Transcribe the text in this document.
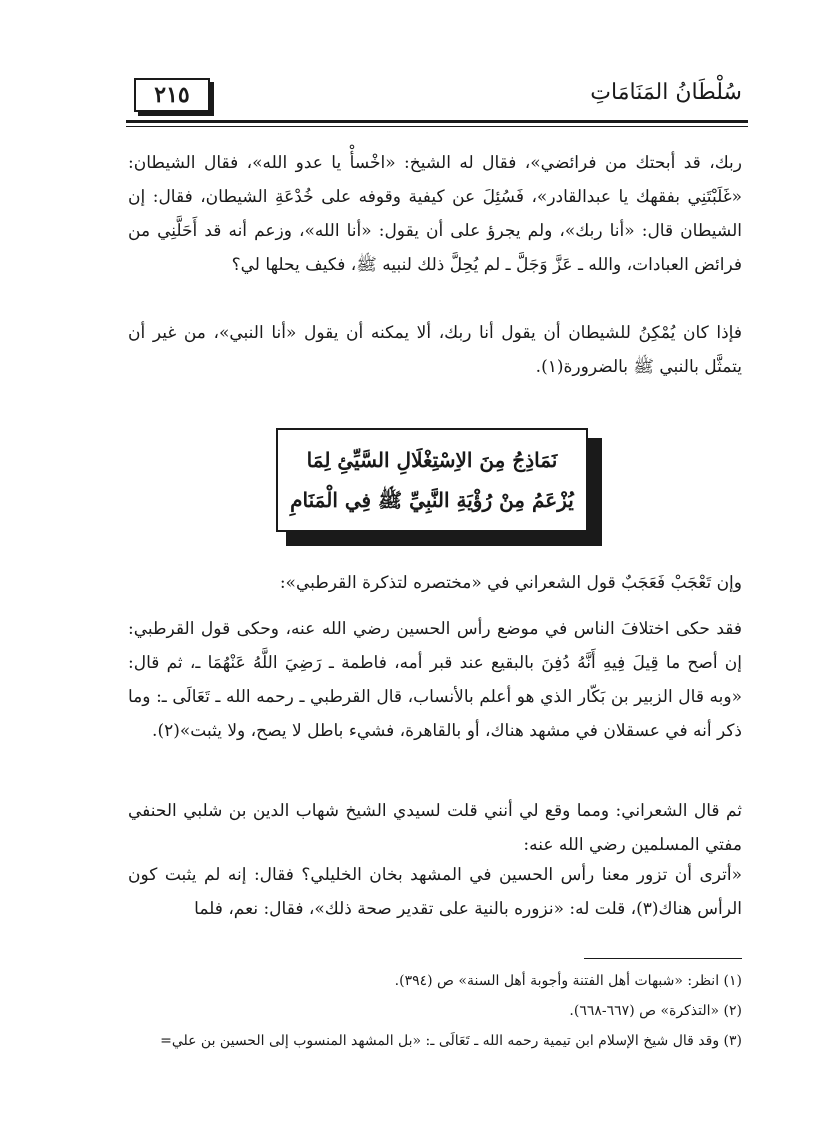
٢١٥	سُلْطَانُ المَنَامَاتِ
ربك، قد أبحتك من فرائضي»، فقال له الشيخ: «اخْسأْ يا عدو الله»، فقال الشيطان: «غَلَبْتَنِي بفقهك يا عبدالقادر»، فَسُئِلَ عن كيفية وقوفه على خُدْعَةِ الشيطان، فقال: إن الشيطان قال: «أنا ربك»، ولم يجرؤ على أن يقول: «أنا الله»، وزعم أنه قد أَحَلَّنِي من فرائض العبادات، والله ـ عَزَّ وَجَلَّ ـ لم يُحِلَّ ذلك لنبيه ﷺ، فكيف يحلها لي؟
فإذا كان يُمْكِنُ للشيطان أن يقول أنا ربك، ألا يمكنه أن يقول «أنا النبي»، من غير أن يتمثَّل بالنبي ﷺ بالضرورة(١).
نَمَاذِجُ مِنَ الاِسْتِغْلَالِ السَّيِّئِ لِمَا
يُزْعَمُ مِنْ رُؤْيَةِ النَّبِيِّ ﷺ فِي الْمَنَامِ
وإن تَعْجَبْ فَعَجَبٌ قول الشعراني في «مختصره لتذكرة القرطبي»:
فقد حكى اختلافَ الناس في موضع رأس الحسين رضي الله عنه، وحكى قول القرطبي: إن أصح ما قِيلَ فِيهِ أَنَّهُ دُفِنَ بالبقيع عند قبر أمه، فاطمة ـ رَضِيَ اللَّهُ عَنْهُمَا ـ، ثم قال: «وبه قال الزبير بن بَكّار الذي هو أعلم بالأنساب، قال القرطبي ـ رحمه الله ـ تَعَالَى ـ: وما ذكر أنه في عسقلان في مشهد هناك، أو بالقاهرة، فشيء باطل لا يصح، ولا يثبت»(٢).
ثم قال الشعراني: ومما وقع لي أنني قلت لسيدي الشيخ شهاب الدين بن شلبي الحنفي مفتي المسلمين رضي الله عنه:
«أترى أن تزور معنا رأس الحسين في المشهد بخان الخليلي؟ فقال: إنه لم يثبت كون الرأس هناك(٣)، قلت له: «نزوره بالنية على تقدير صحة ذلك»، فقال: نعم، فلما
(١) انظر: «شبهات أهل الفتنة وأجوبة أهل السنة» ص (٣٩٤).
(٢) «التذكرة» ص (٦٦٧-٦٦٨).
(٣) وقد قال شيخ الإسلام ابن تيمية رحمه الله ـ تَعَالَى ـ: «بل المشهد المنسوب إلى الحسين بن علي=
